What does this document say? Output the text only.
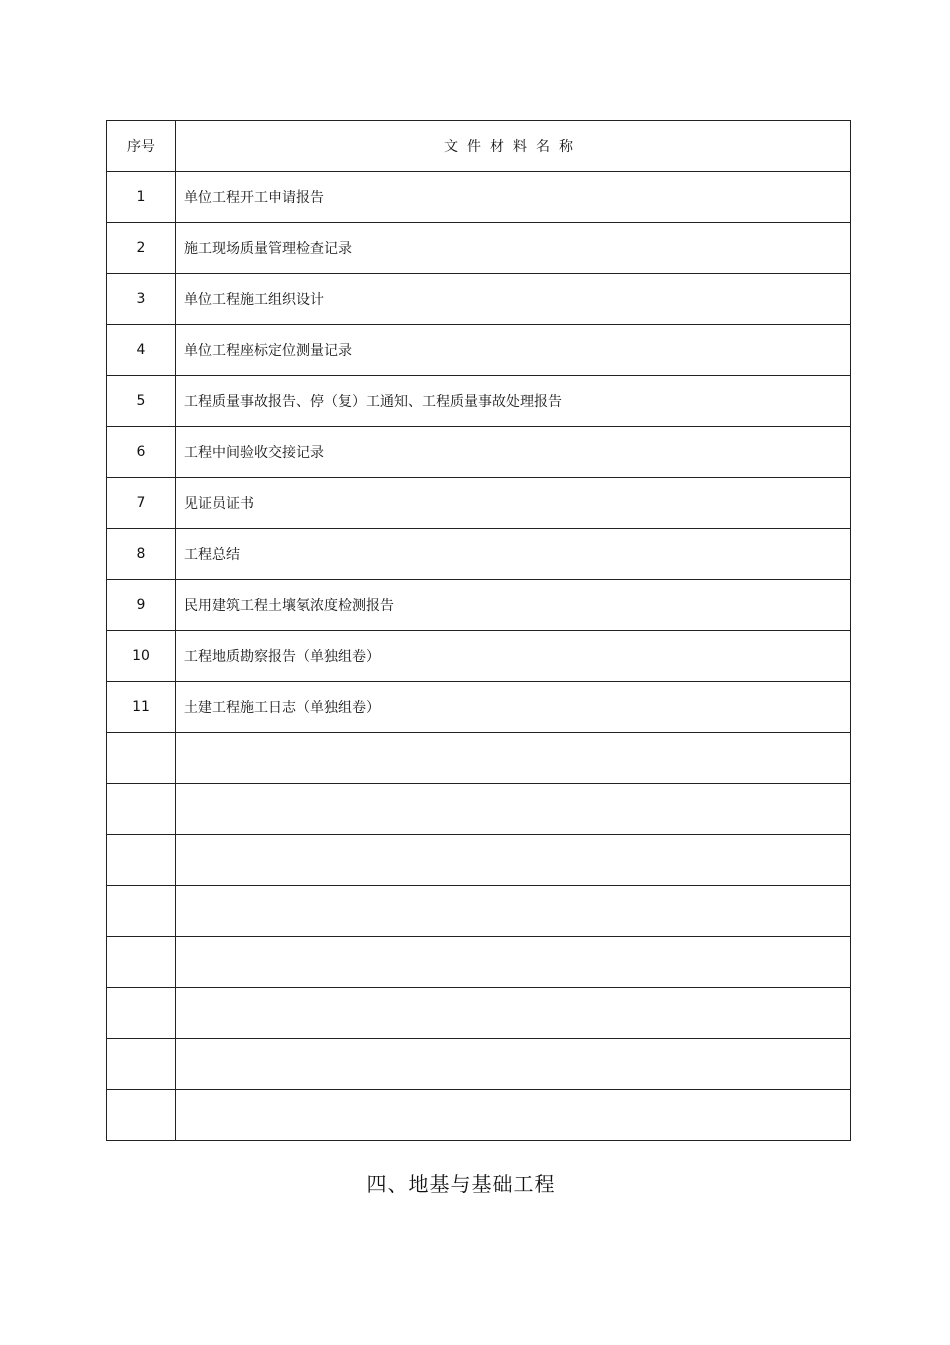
序号	文件材料名称
1	单位工程开工申请报告
2	施工现场质量管理检查记录
3	单位工程施工组织设计
4	单位工程座标定位测量记录
5	工程质量事故报告、停（复）工通知、工程质量事故处理报告
6	工程中间验收交接记录
7	见证员证书
8	工程总结
9	民用建筑工程土壤氡浓度检测报告
10	工程地质勘察报告（单独组卷）
11	土建工程施工日志（单独组卷）

四、地基与基础工程
